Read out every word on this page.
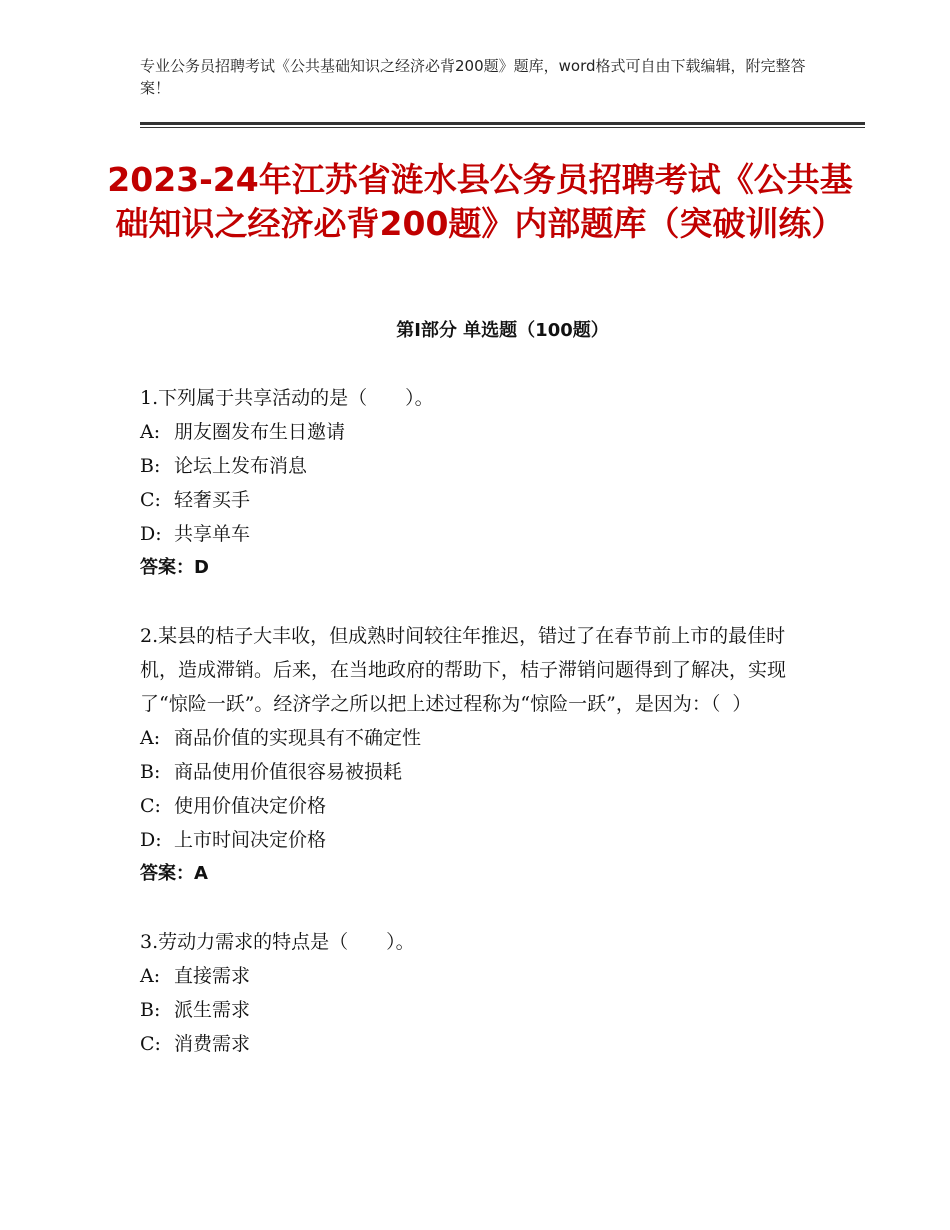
专业公务员招聘考试《公共基础知识之经济必背200题》题库，word格式可自由下载编辑，附完整答案！
2023-24年江苏省涟水县公务员招聘考试《公共基础知识之经济必背200题》内部题库（突破训练）
第Ⅰ部分 单选题（100题）
1.下列属于共享活动的是（　　）。
A: 朋友圈发布生日邀请
B: 论坛上发布消息
C: 轻奢买手
D: 共享单车
答案：D
2.某县的桔子大丰收，但成熟时间较往年推迟，错过了在春节前上市的最佳时机，造成滞销。后来，在当地政府的帮助下，桔子滞销问题得到了解决，实现了“惊险一跃”。经济学之所以把上述过程称为“惊险一跃”，是因为：（  ）
A: 商品价值的实现具有不确定性
B: 商品使用价值很容易被损耗
C: 使用价值决定价格
D: 上市时间决定价格
答案：A
3.劳动力需求的特点是（　　）。
A: 直接需求
B: 派生需求
C: 消费需求
